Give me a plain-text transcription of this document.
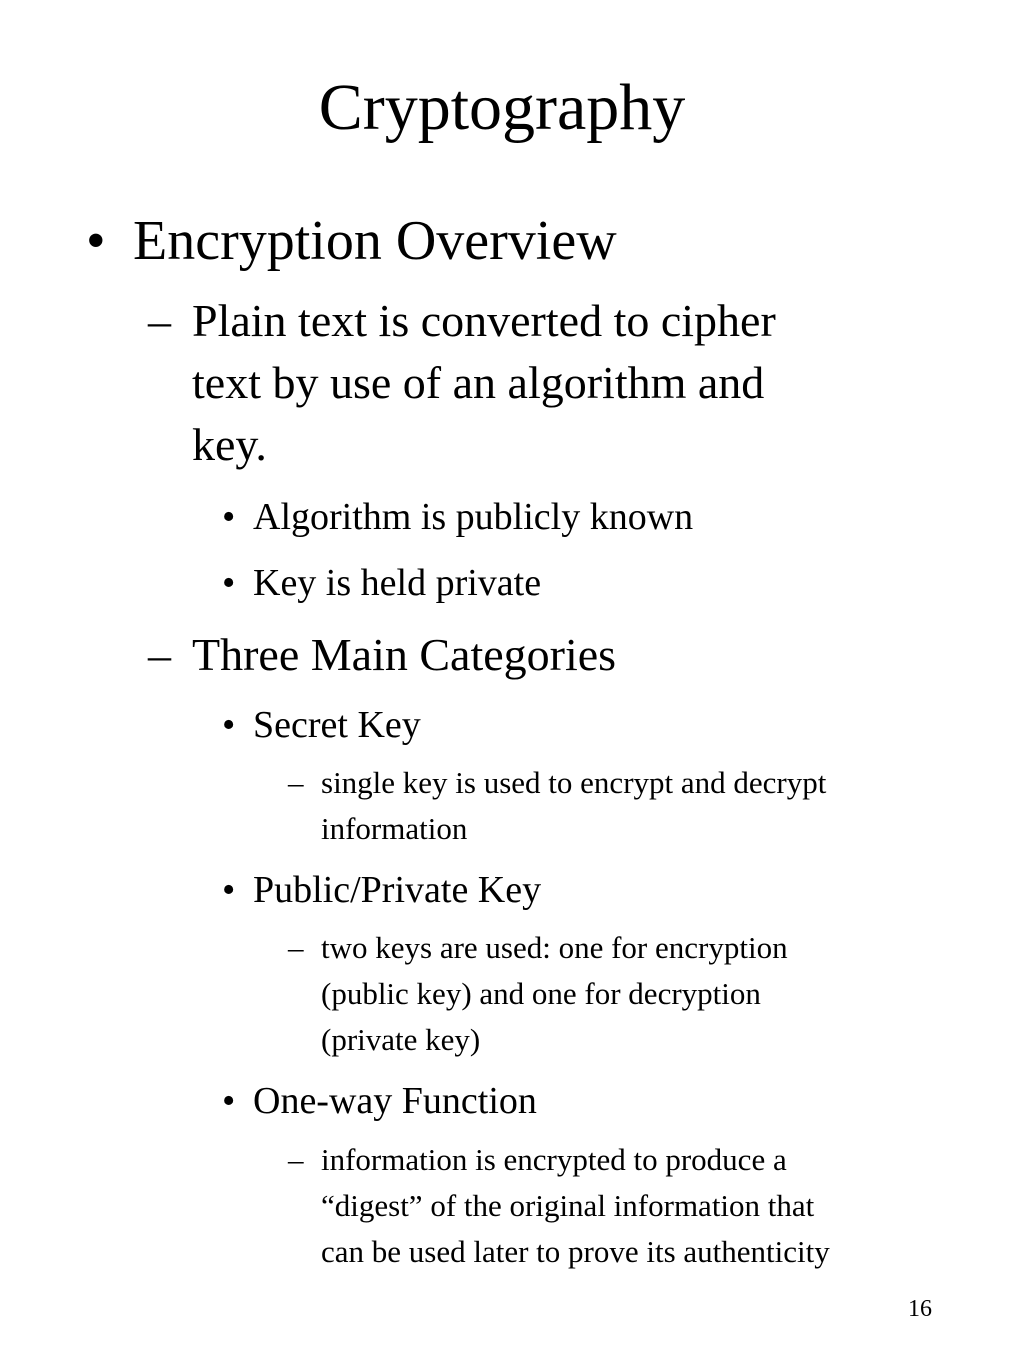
Cryptography
• Encryption Overview
– Plain text is converted to cipher
text by use of an algorithm and
key.
• Algorithm is publicly known
• Key is held private
– Three Main Categories
• Secret Key
– single key is used to encrypt and decrypt
information
• Public/Private Key
– two keys are used: one for encryption
(public key) and one for decryption
(private key)
• One-way Function
– information is encrypted to produce a
“digest” of the original information that
can be used later to prove its authenticity
16
